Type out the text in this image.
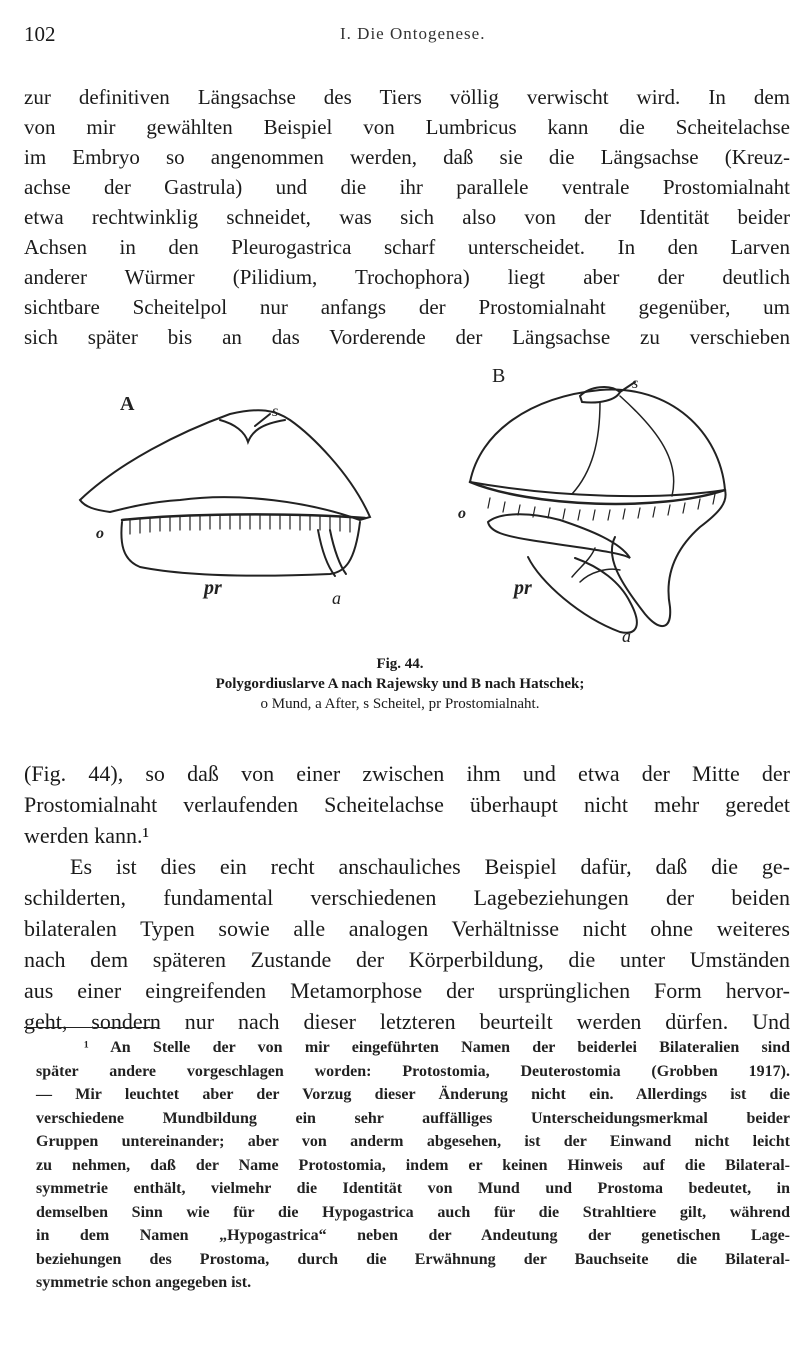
102	I. Die Ontogenese.
zur definitiven Längsachse des Tiers völlig verwischt wird. In dem
von mir gewählten Beispiel von Lumbricus kann die Scheitelachse
im Embryo so angenommen werden, daß sie die Längsachse (Kreuz-
achse der Gastrula) und die ihr parallele ventrale Prostomialnaht
etwa rechtwinklig schneidet, was sich also von der Identität beider
Achsen in den Pleurogastrica scharf unterscheidet. In den Larven
anderer Würmer (Pilidium, Trochophora) liegt aber der deutlich
sichtbare Scheitelpol nur anfangs der Prostomialnaht gegenüber, um
sich später bis an das Vorderende der Längsachse zu verschieben
A	s
o
pr	a
B	s
o
pr
a
Fig. 44.
Polygordiuslarve A nach Rajewsky und B nach Hatschek;
o Mund, a After, s Scheitel, pr Prostomialnaht.
(Fig. 44), so daß von einer zwischen ihm und etwa der Mitte der
Prostomialnaht verlaufenden Scheitelachse überhaupt nicht mehr geredet
werden kann.¹
Es ist dies ein recht anschauliches Beispiel dafür, daß die ge-
schilderten, fundamental verschiedenen Lagebeziehungen der beiden
bilateralen Typen sowie alle analogen Verhältnisse nicht ohne weiteres
nach dem späteren Zustande der Körperbildung, die unter Umständen
aus einer eingreifenden Metamorphose der ursprünglichen Form hervor-
geht, sondern nur nach dieser letzteren beurteilt werden dürfen. Und
¹ An Stelle der von mir eingeführten Namen der beiderlei Bilateralien sind
später andere vorgeschlagen worden: Protostomia, Deuterostomia (Grobben 1917).
— Mir leuchtet aber der Vorzug dieser Änderung nicht ein. Allerdings ist die
verschiedene Mundbildung ein sehr auffälliges Unterscheidungsmerkmal beider
Gruppen untereinander; aber von anderm abgesehen, ist der Einwand nicht leicht
zu nehmen, daß der Name Protostomia, indem er keinen Hinweis auf die Bilateral-
symmetrie enthält, vielmehr die Identität von Mund und Prostoma bedeutet, in
demselben Sinn wie für die Hypogastrica auch für die Strahltiere gilt, während
in dem Namen „Hypogastrica“ neben der Andeutung der genetischen Lage-
beziehungen des Prostoma, durch die Erwähnung der Bauchseite die Bilateral-
symmetrie schon angegeben ist.
